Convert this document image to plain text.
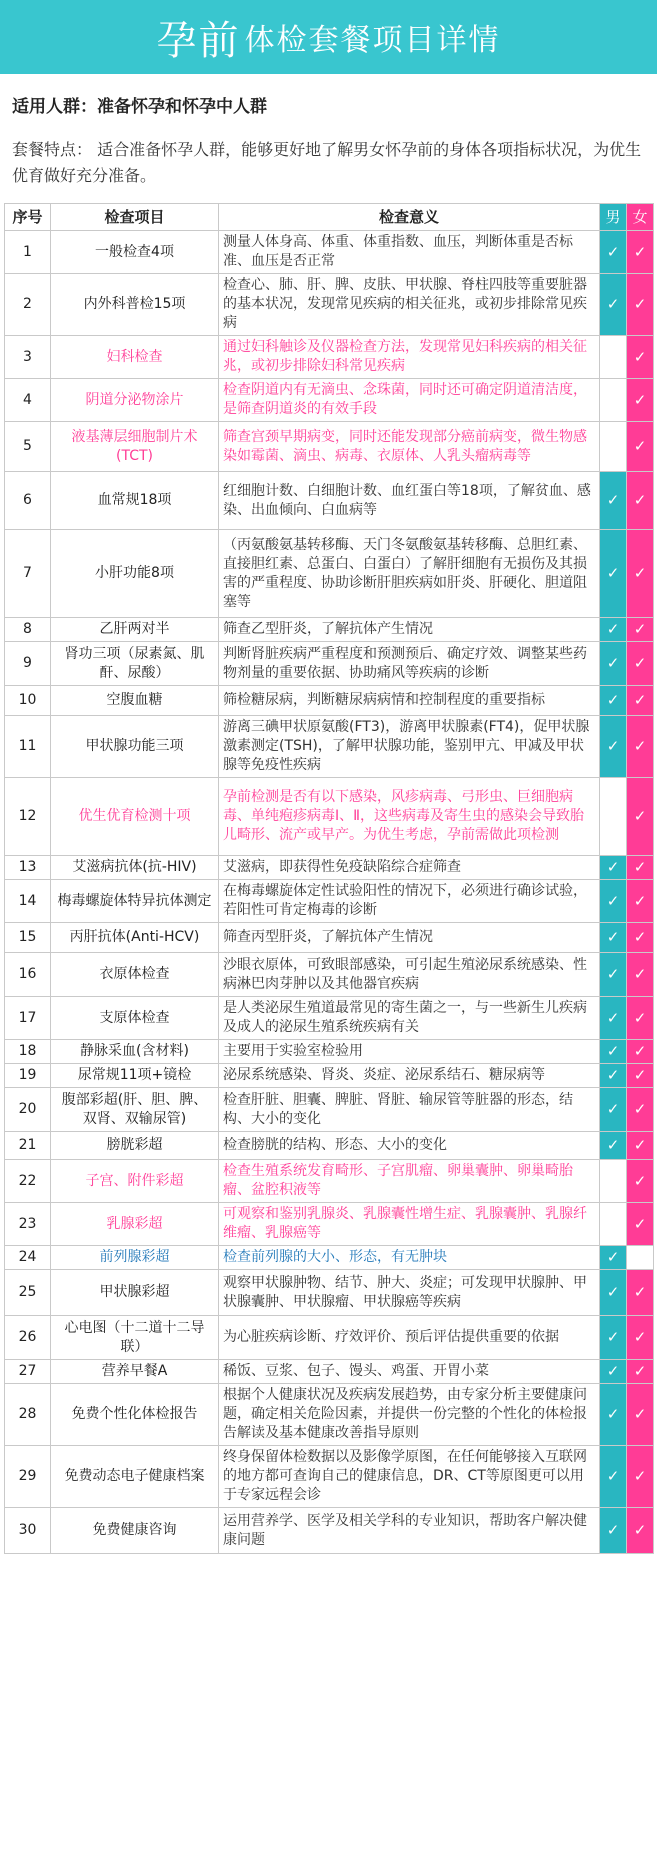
孕前 体检套餐项目详情
适用人群：准备怀孕和怀孕中人群
套餐特点： 适合准备怀孕人群，能够更好地了解男女怀孕前的身体各项指标状况，为优生优育做好充分准备。
序号	检查项目	检查意义	男	女
1	一般检查4项	测量人体身高、体重、体重指数、血压，判断体重是否标准、血压是否正常	✓	✓
2	内外科普检15项	检查心、肺、肝、脾、皮肤、甲状腺、脊柱四肢等重要脏器的基本状况，发现常见疾病的相关征兆，或初步排除常见疾病	✓	✓
3	妇科检查	通过妇科触诊及仪器检查方法，发现常见妇科疾病的相关征兆，或初步排除妇科常见疾病		✓
4	阴道分泌物涂片	检查阴道内有无滴虫、念珠菌，同时还可确定阴道清洁度，是筛查阴道炎的有效手段		✓
5	液基薄层细胞制片术(TCT)	筛查宫颈早期病变，同时还能发现部分癌前病变，微生物感染如霉菌、滴虫、病毒、衣原体、人乳头瘤病毒等		✓
6	血常规18项	红细胞计数、白细胞计数、血红蛋白等18项，了解贫血、感染、出血倾向、白血病等	✓	✓
7	小肝功能8项	（丙氨酸氨基转移酶、天门冬氨酸氨基转移酶、总胆红素、直接胆红素、总蛋白、白蛋白）了解肝细胞有无损伤及其损害的严重程度、协助诊断肝胆疾病如肝炎、肝硬化、胆道阻塞等	✓	✓
8	乙肝两对半	筛查乙型肝炎，了解抗体产生情况	✓	✓
9	肾功三项（尿素氮、肌酐、尿酸）	判断肾脏疾病严重程度和预测预后、确定疗效、调整某些药物剂量的重要依据、协助痛风等疾病的诊断	✓	✓
10	空腹血糖	筛检糖尿病，判断糖尿病病情和控制程度的重要指标	✓	✓
11	甲状腺功能三项	游离三碘甲状原氨酸(FT3)，游离甲状腺素(FT4)，促甲状腺激素测定(TSH)，了解甲状腺功能，鉴别甲亢、甲减及甲状腺等免疫性疾病	✓	✓
12	优生优育检测十项	孕前检测是否有以下感染，风疹病毒、弓形虫、巨细胞病毒、单纯疱疹病毒Ⅰ、Ⅱ，这些病毒及寄生虫的感染会导致胎儿畸形、流产或早产。为优生考虑，孕前需做此项检测		✓
13	艾滋病抗体(抗-HIV)	艾滋病，即获得性免疫缺陷综合症筛查	✓	✓
14	梅毒螺旋体特异抗体测定	在梅毒螺旋体定性试验阳性的情况下，必须进行确诊试验，若阳性可肯定梅毒的诊断	✓	✓
15	丙肝抗体(Anti-HCV)	筛查丙型肝炎，了解抗体产生情况	✓	✓
16	衣原体检查	沙眼衣原体，可致眼部感染，可引起生殖泌尿系统感染、性病淋巴肉芽肿以及其他器官疾病	✓	✓
17	支原体检查	是人类泌尿生殖道最常见的寄生菌之一，与一些新生儿疾病及成人的泌尿生殖系统疾病有关	✓	✓
18	静脉采血(含材料)	主要用于实验室检验用	✓	✓
19	尿常规11项+镜检	泌尿系统感染、肾炎、炎症、泌尿系结石、糖尿病等	✓	✓
20	腹部彩超(肝、胆、脾、双肾、双输尿管)	检查肝脏、胆囊、脾脏、肾脏、输尿管等脏器的形态，结构、大小的变化	✓	✓
21	膀胱彩超	检查膀胱的结构、形态、大小的变化	✓	✓
22	子宫、附件彩超	检查生殖系统发育畸形、子宫肌瘤、卵巢囊肿、卵巢畸胎瘤、盆腔积液等		✓
23	乳腺彩超	可观察和鉴别乳腺炎、乳腺囊性增生症、乳腺囊肿、乳腺纤维瘤、乳腺癌等		✓
24	前列腺彩超	检查前列腺的大小、形态，有无肿块	✓	
25	甲状腺彩超	观察甲状腺肿物、结节、肿大、炎症；可发现甲状腺肿、甲状腺囊肿、甲状腺瘤、甲状腺癌等疾病	✓	✓
26	心电图（十二道十二导联）	为心脏疾病诊断、疗效评价、预后评估提供重要的依据	✓	✓
27	营养早餐A	稀饭、豆浆、包子、馒头、鸡蛋、开胃小菜	✓	✓
28	免费个性化体检报告	根据个人健康状况及疾病发展趋势，由专家分析主要健康问题，确定相关危险因素，并提供一份完整的个性化的体检报告解读及基本健康改善指导原则	✓	✓
29	免费动态电子健康档案	终身保留体检数据以及影像学原图，在任何能够接入互联网的地方都可查询自己的健康信息，DR、CT等原图更可以用于专家远程会诊	✓	✓
30	免费健康咨询	运用营养学、医学及相关学科的专业知识，帮助客户解决健康问题	✓	✓
